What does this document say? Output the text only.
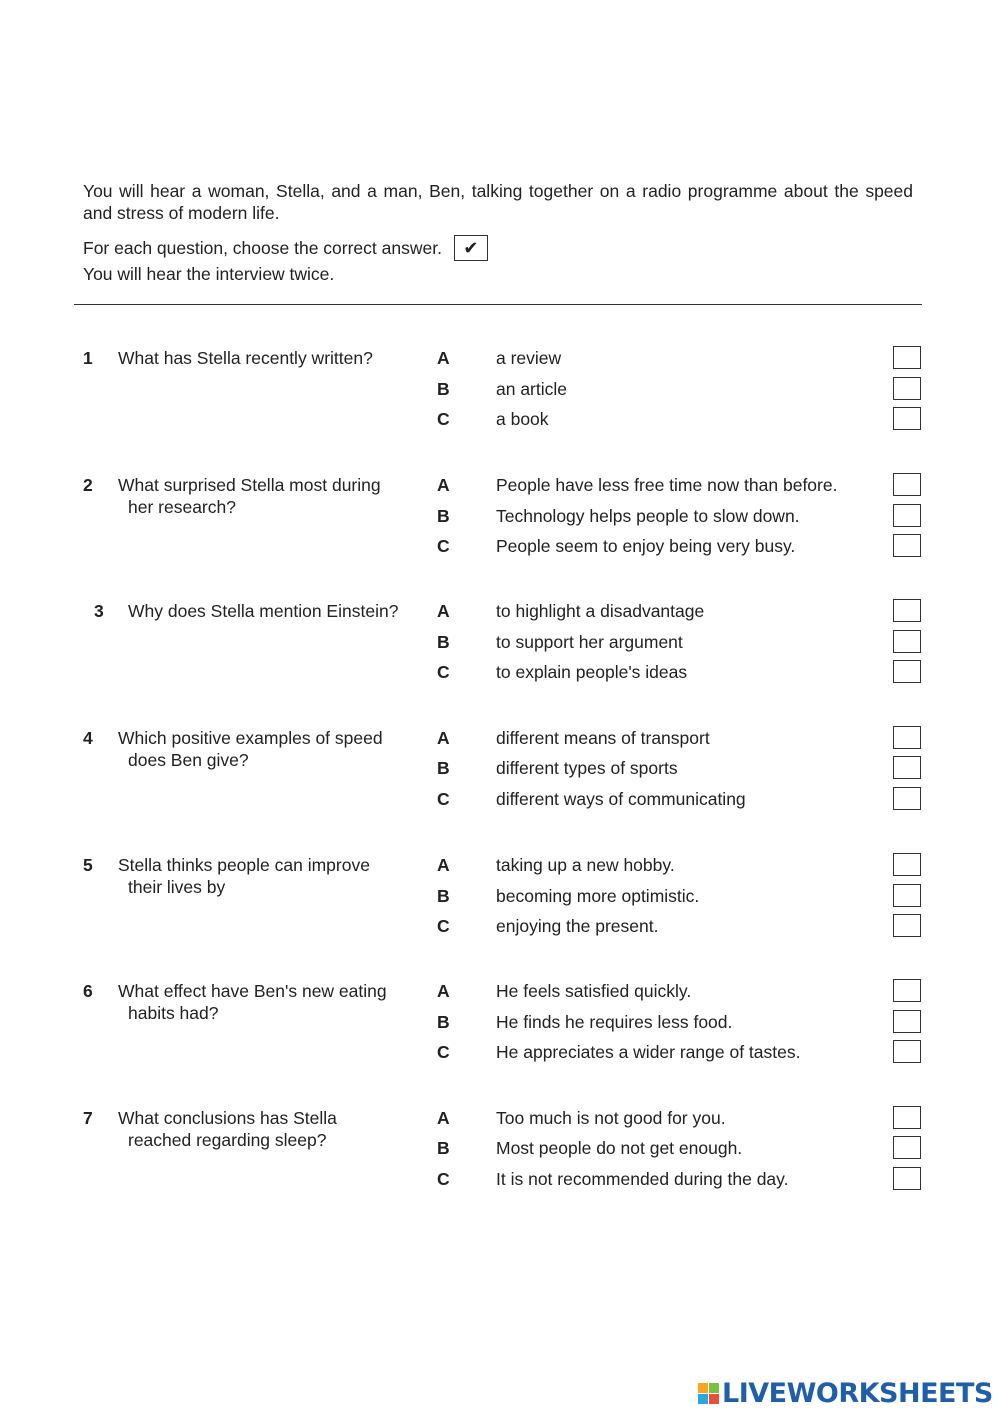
You will hear a woman, Stella, and a man, Ben, talking together on a radio programme about the speed and stress of modern life.

For each question, choose the correct answer. ✔

You will hear the interview twice.

1 What has Stella recently written?	A	a review
B	an article
C	a book
2 What surprised Stella most during
her research?
A	People have less free time now than before.
B	Technology helps people to slow down.
C	People seem to enjoy being very busy.
3 Why does Stella mention Einstein?	A	to highlight a disadvantage
B	to support her argument
C	to explain people's ideas
4 Which positive examples of speed
does Ben give?
A	different means of transport
B	different types of sports
C	different ways of communicating
5 Stella thinks people can improve
their lives by
A	taking up a new hobby.
B	becoming more optimistic.
C	enjoying the present.
6 What effect have Ben's new eating
habits had?
A	He feels satisfied quickly.
B	He finds he requires less food.
C	He appreciates a wider range of tastes.
7 What conclusions has Stella
reached regarding sleep?
A	Too much is not good for you.
B	Most people do not get enough.
C	It is not recommended during the day.
LIVEWORKSHEETS
